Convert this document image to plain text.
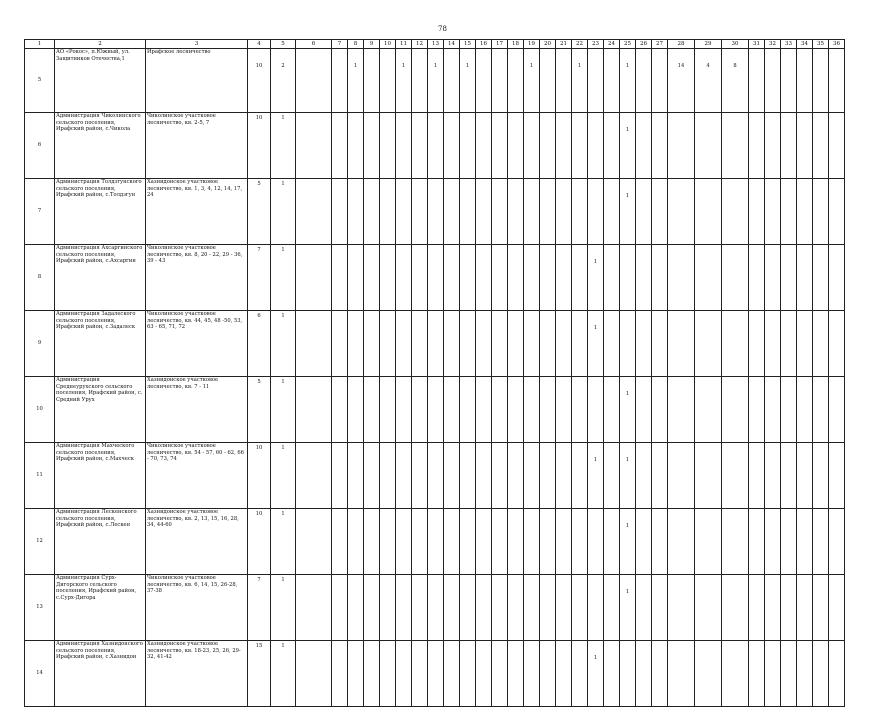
78
1	2	3	4	5	6	7	8	9	10	11	12	13	14	15	16	17	18	19	20	21	22	23	24	25	26	27	28	29	30	31	32	33	34	35	36
5	АО «Рокос», п.Южный, ул. Защитников Отечества,1	Ирафское лесничество	10	2			1			1		1		1				1			1			1			14	4	8						
6	Администрация Чиколинского сельского поселения, Ирафский район, с.Чикола	Чиколинское участковое лесничество, кв. 2-5, 7	10	1																				1											
7	Администрация Толдзгунского сельского поселения, Ирафский район, с.Толдзгун	Хазнидонское участковое лесничество, кв. 1, 3, 4, 12, 14, 17, 24	5	1																				1											
8	Администрация Ахсаргинского сельского поселения, Ирафский район, с.Ахсаргин	Чиколинское участковое лесничество, кв. 8, 20 - 22, 29 - 36, 39 - 43	7	1																		1													
9	Администрация Задалеского сельского поселения, Ирафский район, с.Задалеск	Чиколинское участковое лесничество, кв. 44, 45, 48 -50, 53, 63 - 65, 71, 72	6	1																		1													
10	Администрация Среднеурухского сельского поселения, Ирафский район, с. Средний Урух	Хазнидонское участковое лесничество, кв. 7 - 11	5	1																				1											
11	Администрация Махческого сельского поселения, Ирафский район, с.Махческ	Чиколинское участковое лесничество, кв. 54 - 57, 60 - 62, 66 - 70, 73, 74	10	1																		1		1											
12	Администрация Лескенского сельского поселения, Ирафский район, с.Лескен	Хазнидонское участковое лесничество, кв. 2, 13, 15, 16, 28, 34, 44-60	10	1																				1											
13	Администрация Сурх-Дигорского сельского поселения, Ирафский район, с.Сурх-Дигора	Чиколинское участковое лесничество, кв. 6, 14, 15, 26-28, 37-38	7	1																				1											
14	Администрация Хазнидонского сельского поселения, Ирафский район, с.Хазнидон	Хазнидонское участковое лесничество, кв. 18-23, 25, 26, 29-32, 41-42	15	1																		1													
